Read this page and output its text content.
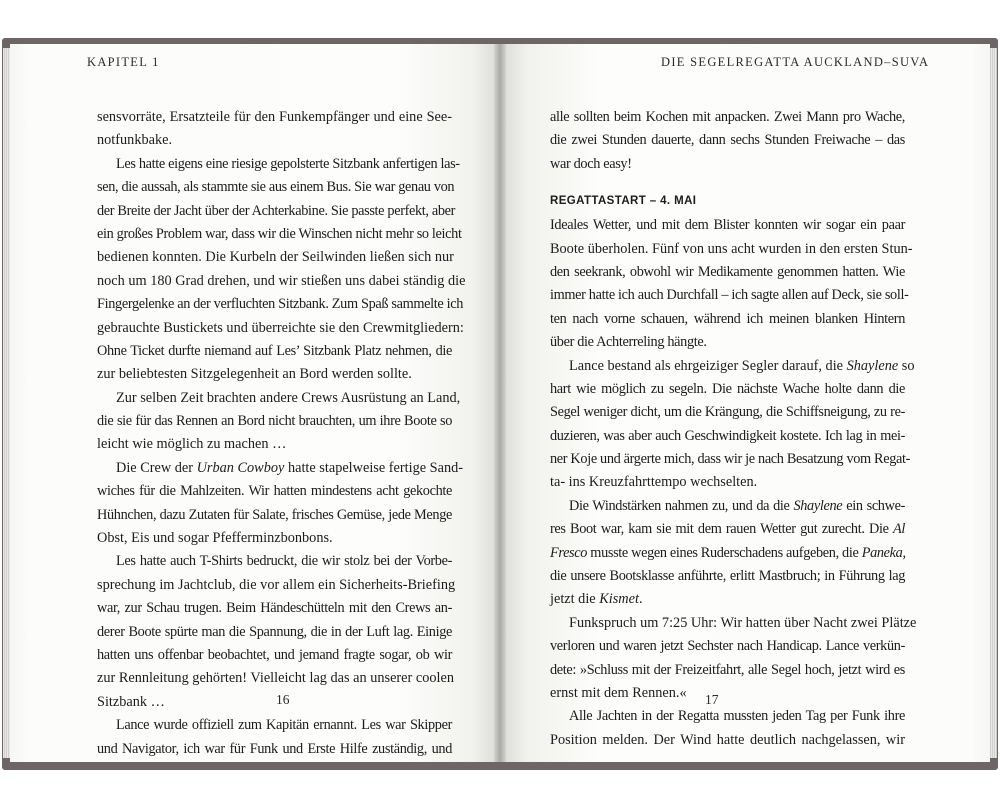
KAPITEL 1	DIE SEGELREGATTA AUCKLAND–SUVA
sensvorräte, Ersatzteile für den Funkempfänger und eine See-
notfunkbake.
Les hatte eigens eine riesige gepolsterte Sitzbank anfertigen las-
sen, die aussah, als stammte sie aus einem Bus. Sie war genau von
der Breite der Jacht über der Achterkabine. Sie passte perfekt, aber
ein großes Problem war, dass wir die Winschen nicht mehr so leicht
bedienen konnten. Die Kurbeln der Seilwinden ließen sich nur
noch um 180 Grad drehen, und wir stießen uns dabei ständig die
Fingergelenke an der verfluchten Sitzbank. Zum Spaß sammelte ich
gebrauchte Bustickets und überreichte sie den Crewmitgliedern:
Ohne Ticket durfte niemand auf Les’ Sitzbank Platz nehmen, die
zur beliebtesten Sitzgelegenheit an Bord werden sollte.
Zur selben Zeit brachten andere Crews Ausrüstung an Land,
die sie für das Rennen an Bord nicht brauchten, um ihre Boote so
leicht wie möglich zu machen …
Die Crew der Urban Cowboy hatte stapelweise fertige Sand-
wiches für die Mahlzeiten. Wir hatten mindestens acht gekochte
Hühnchen, dazu Zutaten für Salate, frisches Gemüse, jede Menge
Obst, Eis und sogar Pfefferminzbonbons.
Les hatte auch T-Shirts bedruckt, die wir stolz bei der Vorbe-
sprechung im Jachtclub, die vor allem ein Sicherheits-Briefing
war, zur Schau trugen. Beim Händeschütteln mit den Crews an-
derer Boote spürte man die Spannung, die in der Luft lag. Einige
hatten uns offenbar beobachtet, und jemand fragte sogar, ob wir
zur Rennleitung gehörten! Vielleicht lag das an unserer coolen
Sitzbank …
Lance wurde offiziell zum Kapitän ernannt. Les war Skipper
und Navigator, ich war für Funk und Erste Hilfe zuständig, und
alle sollten beim Kochen mit anpacken. Zwei Mann pro Wache,
die zwei Stunden dauerte, dann sechs Stunden Freiwache – das
war doch easy!
REGATTASTART – 4. MAI
Ideales Wetter, und mit dem Blister konnten wir sogar ein paar
Boote überholen. Fünf von uns acht wurden in den ersten Stun-
den seekrank, obwohl wir Medikamente genommen hatten. Wie
immer hatte ich auch Durchfall – ich sagte allen auf Deck, sie soll-
ten nach vorne schauen, während ich meinen blanken Hintern
über die Achterreling hängte.
Lance bestand als ehrgeiziger Segler darauf, die Shaylene so
hart wie möglich zu segeln. Die nächste Wache holte dann die
Segel weniger dicht, um die Krängung, die Schiffsneigung, zu re-
duzieren, was aber auch Geschwindigkeit kostete. Ich lag in mei-
ner Koje und ärgerte mich, dass wir je nach Besatzung vom Regat-
ta- ins Kreuzfahrttempo wechselten.
Die Windstärken nahmen zu, und da die Shaylene ein schwe-
res Boot war, kam sie mit dem rauen Wetter gut zurecht. Die Al
Fresco musste wegen eines Ruderschadens aufgeben, die Paneka,
die unsere Bootsklasse anführte, erlitt Mastbruch; in Führung lag
jetzt die Kismet.
Funkspruch um 7:25 Uhr: Wir hatten über Nacht zwei Plätze
verloren und waren jetzt Sechster nach Handicap. Lance verkün-
dete: »Schluss mit der Freizeitfahrt, alle Segel hoch, jetzt wird es
ernst mit dem Rennen.«
Alle Jachten in der Regatta mussten jeden Tag per Funk ihre
Position melden. Der Wind hatte deutlich nachgelassen, wir
16	17
